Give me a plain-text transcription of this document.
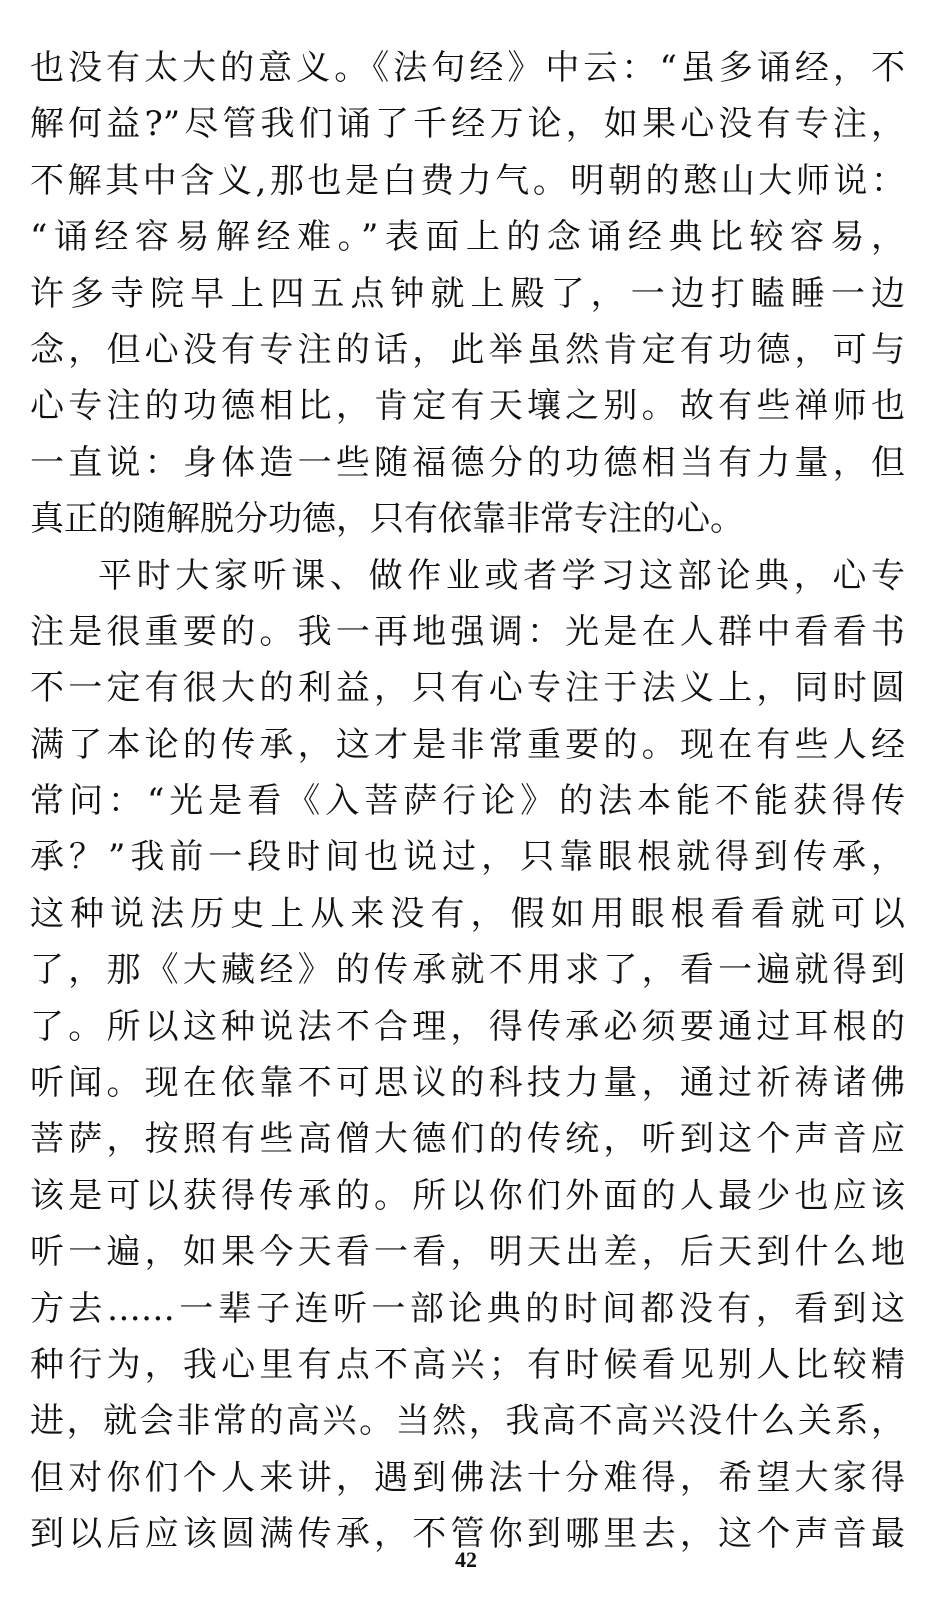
也没有太大的意义。《法句经》中云：“虽多诵经，不
解何益?”尽管我们诵了千经万论，如果心没有专注，
不解其中含义,那也是白费力气。明朝的憨山大师说：
“诵经容易解经难。”表面上的念诵经典比较容易，
许多寺院早上四五点钟就上殿了，一边打瞌睡一边
念，但心没有专注的话，此举虽然肯定有功德，可与
心专注的功德相比，肯定有天壤之别。故有些禅师也
一直说：身体造一些随福德分的功德相当有力量，但
真正的随解脱分功德，只有依靠非常专注的心。
平时大家听课、做作业或者学习这部论典，心专
注是很重要的。我一再地强调：光是在人群中看看书
不一定有很大的利益，只有心专注于法义上，同时圆
满了本论的传承，这才是非常重要的。现在有些人经
常问：“光是看《入菩萨行论》的法本能不能获得传
承？”我前一段时间也说过，只靠眼根就得到传承，
这种说法历史上从来没有，假如用眼根看看就可以
了，那《大藏经》的传承就不用求了，看一遍就得到
了。所以这种说法不合理，得传承必须要通过耳根的
听闻。现在依靠不可思议的科技力量，通过祈祷诸佛
菩萨，按照有些高僧大德们的传统，听到这个声音应
该是可以获得传承的。所以你们外面的人最少也应该
听一遍，如果今天看一看，明天出差，后天到什么地
方去……一辈子连听一部论典的时间都没有，看到这
种行为，我心里有点不高兴；有时候看见别人比较精
进，就会非常的高兴。当然，我高不高兴没什么关系，
但对你们个人来讲，遇到佛法十分难得，希望大家得
到以后应该圆满传承，不管你到哪里去，这个声音最
42
